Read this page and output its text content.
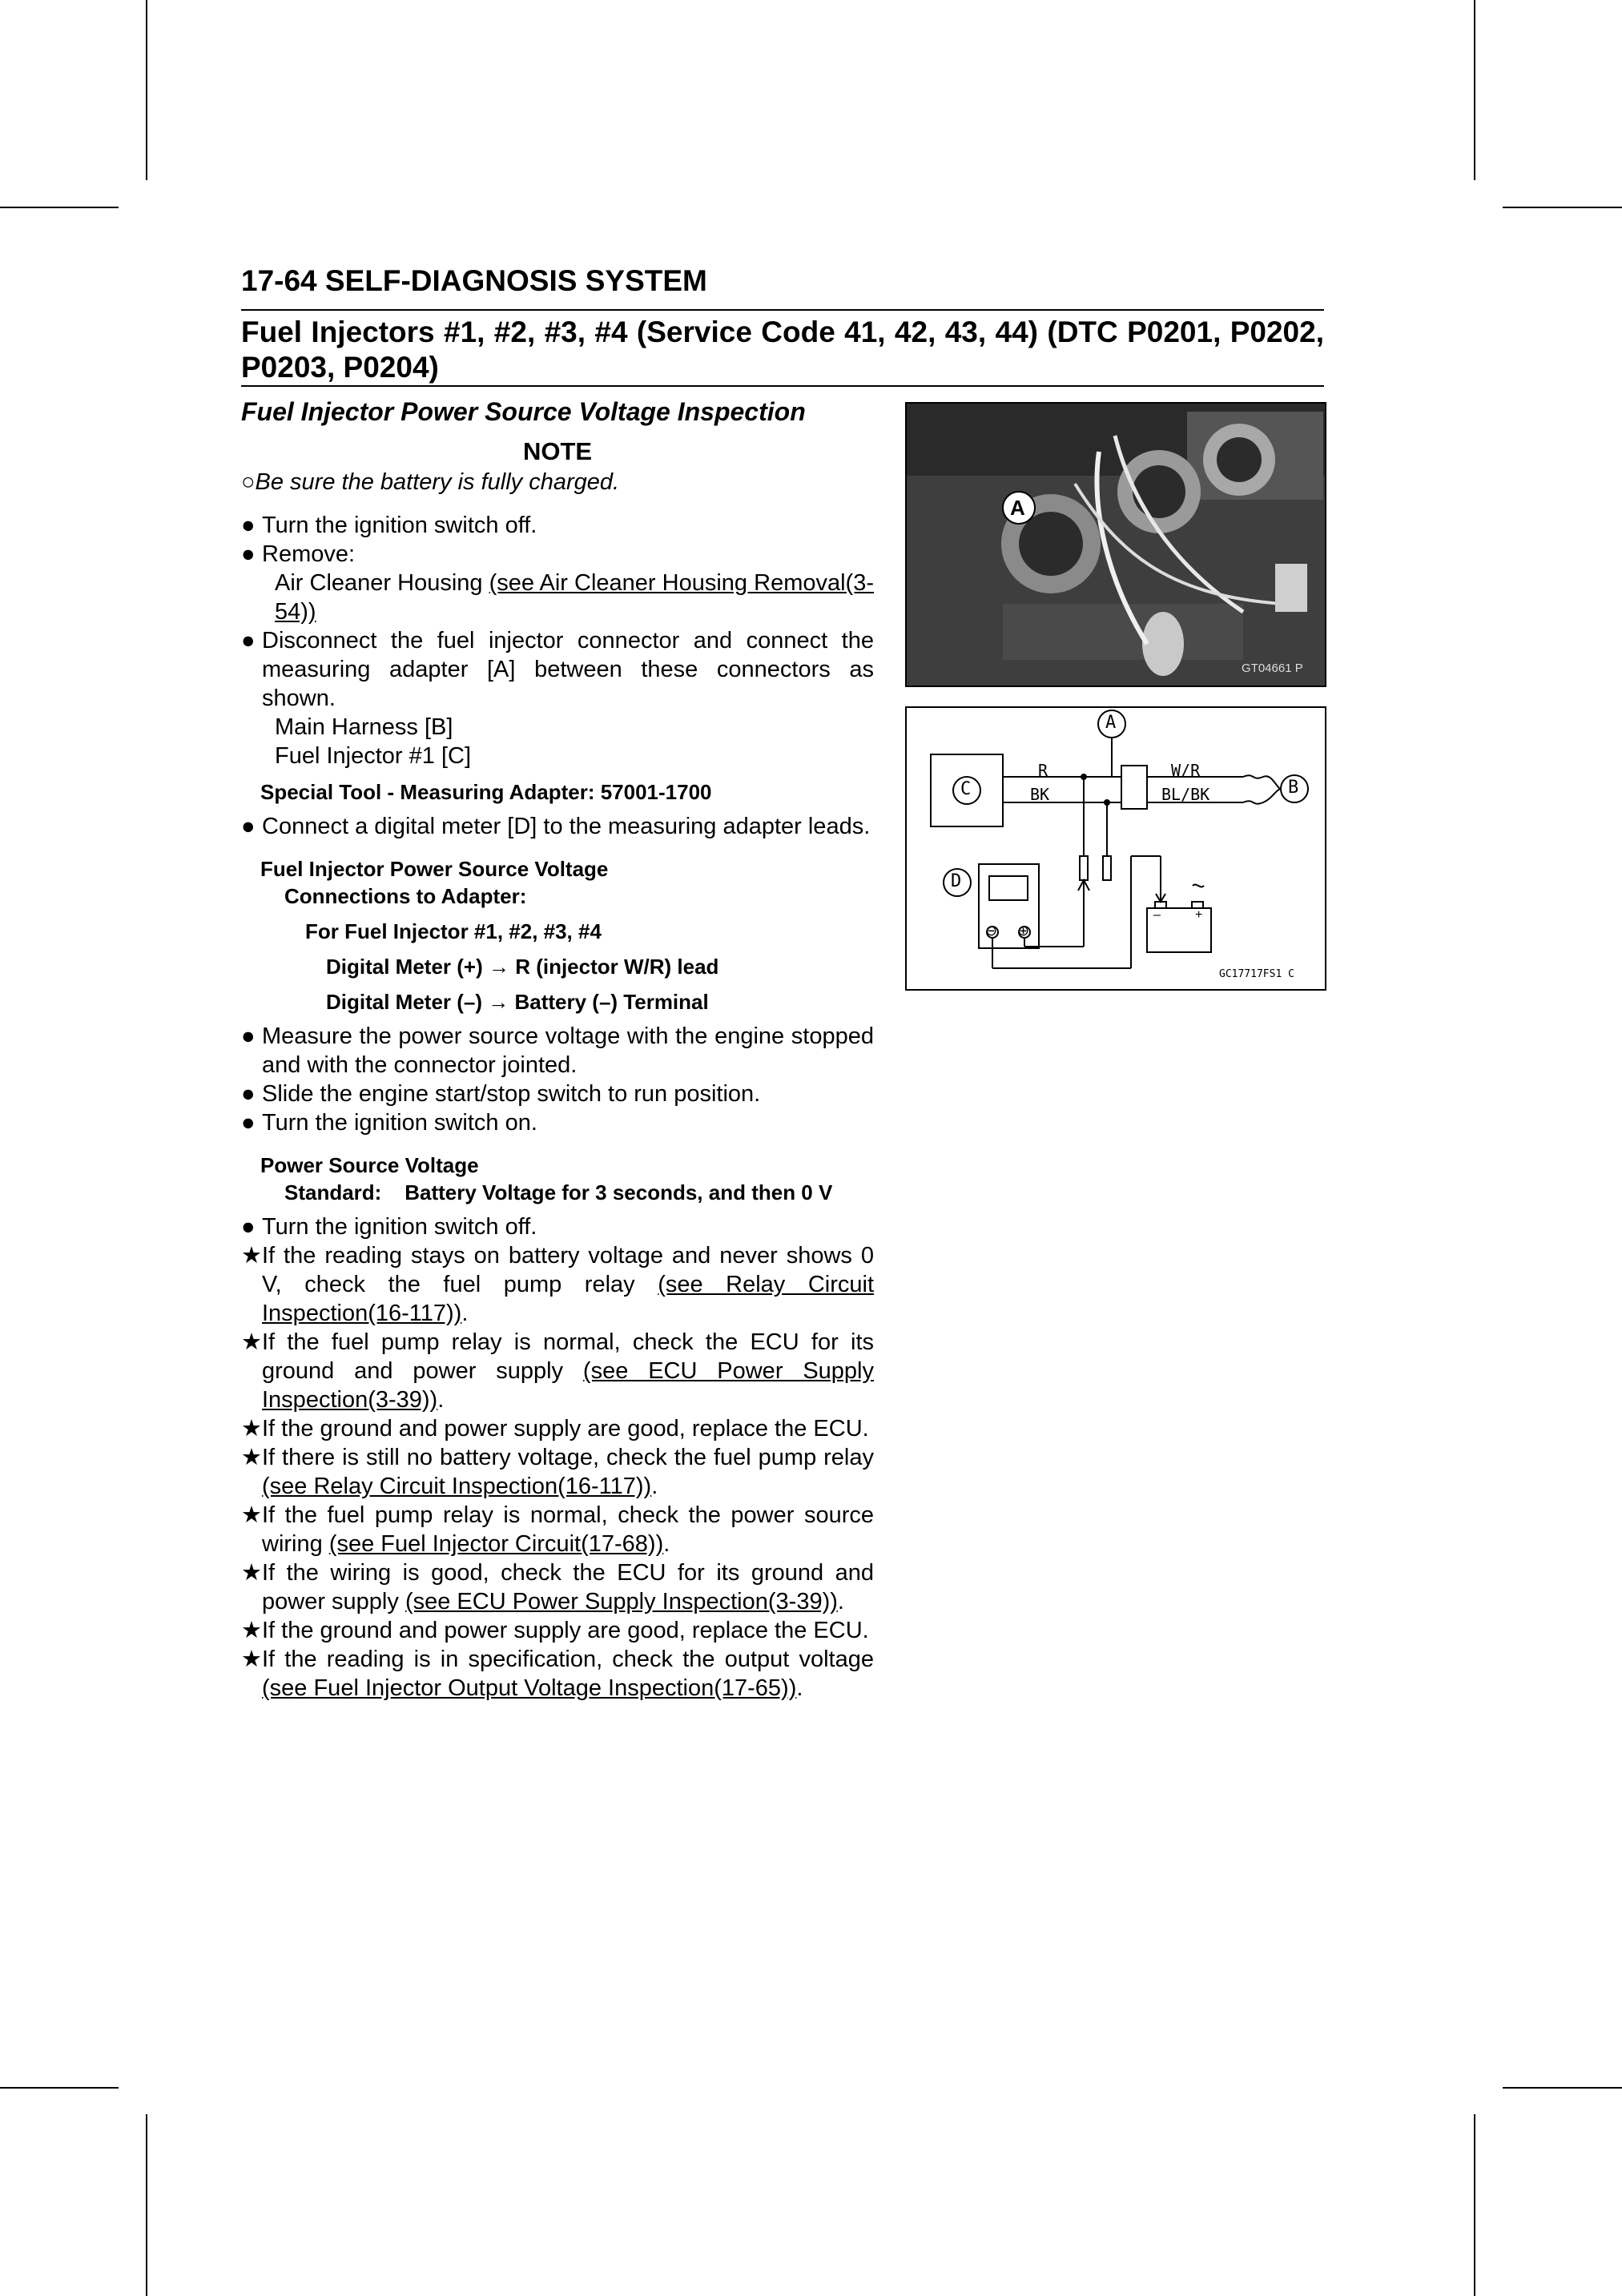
17-64 SELF-DIAGNOSIS SYSTEM
Fuel Injectors #1, #2, #3, #4 (Service Code 41, 42, 43, 44) (DTC P0201, P0202, P0203, P0204)
Fuel Injector Power Source Voltage Inspection
NOTE
○Be sure the battery is fully charged.
● Turn the ignition switch off.
● Remove:
Air Cleaner Housing (see Air Cleaner Housing Removal(3-54))
● Disconnect the fuel injector connector and connect the measuring adapter [A] between these connectors as shown.
Main Harness [B]
Fuel Injector #1 [C]
Special Tool - Measuring Adapter: 57001-1700
● Connect a digital meter [D] to the measuring adapter leads.
Fuel Injector Power Source Voltage
Connections to Adapter:
For Fuel Injector #1, #2, #3, #4
Digital Meter (+) → R (injector W/R) lead
Digital Meter (–) → Battery (–) Terminal
● Measure the power source voltage with the engine stopped and with the connector jointed.
● Slide the engine start/stop switch to run position.
● Turn the ignition switch on.
Power Source Voltage
Standard:    Battery Voltage for 3 seconds, and then 0 V
● Turn the ignition switch off.
★ If the reading stays on battery voltage and never shows 0 V, check the fuel pump relay (see Relay Circuit Inspection(16-117)).
★ If the fuel pump relay is normal, check the ECU for its ground and power supply (see ECU Power Supply Inspection(3-39)).
★ If the ground and power supply are good, replace the ECU.
★ If there is still no battery voltage, check the fuel pump relay (see Relay Circuit Inspection(16-117)).
★ If the fuel pump relay is normal, check the power source wiring (see Fuel Injector Circuit(17-68)).
★ If the wiring is good, check the ECU for its ground and power supply (see ECU Power Supply Inspection(3-39)).
★ If the ground and power supply are good, replace the ECU.
★ If the reading is in specification, check the output voltage (see Fuel Injector Output Voltage Inspection(17-65)).
A
GT04661 P
A
B
C
D
R
BK
W/R
BL/BK
–	+
⊖ ⊕
GC17717FS1 C
